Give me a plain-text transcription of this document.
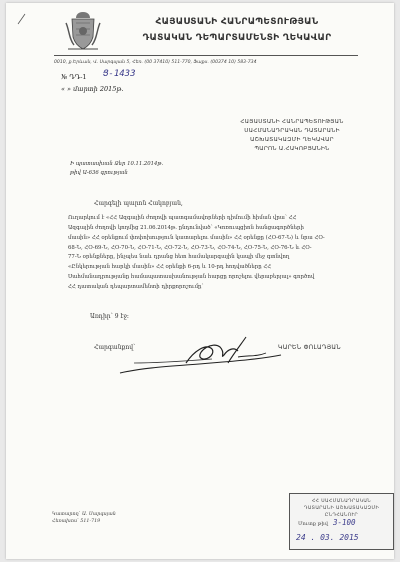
ՀԱՅԱՍՏԱՆԻ ՀԱՆՐԱՊԵՏՈՒԹՅԱՆ
ԴԱՏԱԿԱՆ ԴԵՊԱՐՏԱՄԵՆՏԻ ՂԵԿԱՎԱՐ
0010, ք.Երևան, Վ. Սարգսյան 5, Հեռ. (00 37410) 511-770, Ֆաքս. (00374 10) 583-734
№ ԴԴ-1 Ց-1433
« » մարտի 2015թ.
ՀԱՅԱՍՏԱՆԻ ՀԱՆՐԱՊԵՏՈՒԹՅԱՆ
ՍԱՀՄԱՆԱԴՐԱԿԱՆ ԴԱՏԱՐԱՆԻ
ԱՇԽԱՏԱԿԱԶՄԻ ՂԵԿԱՎԱՐ
ՊԱՐՈՆ Ա.ՀԱԿՈԲՅԱՆԻՆ
Ի պատասխան Ձեր 10.11.2014թ.
թիվ Ա-636 գրության
Հարգելի պարոն Հակոբյան,
Ուղարկում է «ՀՀ Ազգային ժողովի պատգամավորների դիմումի հիման վրա՝ ՀՀ
Ազգային ժողովի կողմից 21.06.2014թ. ընդունված՝ «Կոռուպցիոն հանցագործների
մասին» ՀՀ օրենքում փոփոխություն կատարելու մասին» ՀՀ օրենքը (ՀՕ-67-Ն) և նրա ՀՕ-
68-Ն, ՀՕ-69-Ն, ՀՕ-70-Ն, ՀՕ-71-Ն, ՀՕ-72-Ն, ՀՕ-73-Ն, ՀՕ-74-Ն, ՀՕ-75-Ն, ՀՕ-76-Ն և ՀՕ-
77-Ն օրենքները, ինչպես նաև դրանց հետ համակարգային կապի մեջ գտնվող
«Ընկերության հարկի մասին» ՀՀ օրենքի 6-րդ և 10-րդ հոդվածները ՀՀ
Սահմանադրությանը համապատասխանության հարցը որոշելու վերաբերյալ» գործով
ՀՀ դատական դեպարտամենտի դիրքորոշումը՝
Առդիր՝ 9 էջ:
Հարգանքով՝	ԿԱՐԵՆ ՓՈԼԱԴՅԱՆ
Կատարող՝ Ա. Սարգսյան
Հեռախոս՝ 511-719
ՀՀ ՍԱՀՄԱՆԱԴՐԱԿԱՆ
ԴԱՏԱՐԱՆԻ ԱՇԽԱՏԱԿԱԶՄԻ
ԸՆԴՀԱՆՈՒՐ
Մուտք թիվ 3-100
24 . 03. 2015
